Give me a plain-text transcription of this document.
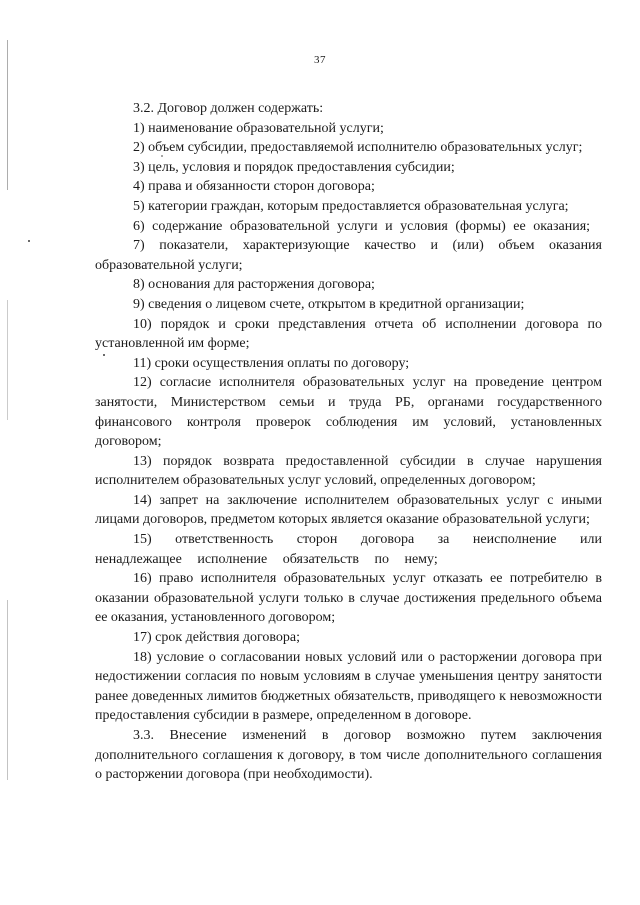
37

3.2. Договор должен содержать:

1) наименование образовательной услуги;

2) объем субсидии, предоставляемой исполнителю образовательных услуг;

3) цель, условия и порядок предоставления субсидии;

4) права и обязанности сторон договора;

5) категории граждан, которым предоставляется образовательная услуга;

6) содержание образовательной услуги и условия (формы) ее оказания;

7) показатели, характеризующие качество и (или) объем оказания образовательной услуги;

8) основания для расторжения договора;

9) сведения о лицевом счете, открытом в кредитной организации;

10) порядок и сроки представления отчета об исполнении договора по установленной им форме;

11) сроки осуществления оплаты по договору;

12) согласие исполнителя образовательных услуг на проведение центром занятости, Министерством семьи и труда РБ, органами государственного финансового контроля проверок соблюдения им условий, установленных договором;

13) порядок возврата предоставленной субсидии в случае нарушения исполнителем образовательных услуг условий, определенных договором;

14) запрет на заключение исполнителем образовательных услуг с иными лицами договоров, предметом которых является оказание образовательной услуги;

15) ответственность сторон договора за неисполнение или ненадлежащее исполнение обязательств по нему;

16) право исполнителя образовательных услуг отказать ее потребителю в оказании образовательной услуги только в случае достижения предельного объема ее оказания, установленного договором;

17) срок действия договора;

18) условие о согласовании новых условий или о расторжении договора при недостижении согласия по новым условиям в случае уменьшения центру занятости ранее доведенных лимитов бюджетных обязательств, приводящего к невозможности предоставления субсидии в размере, определенном в договоре.

3.3. Внесение изменений в договор возможно путем заключения дополнительного соглашения к договору, в том числе дополнительного соглашения о расторжении договора (при необходимости).
